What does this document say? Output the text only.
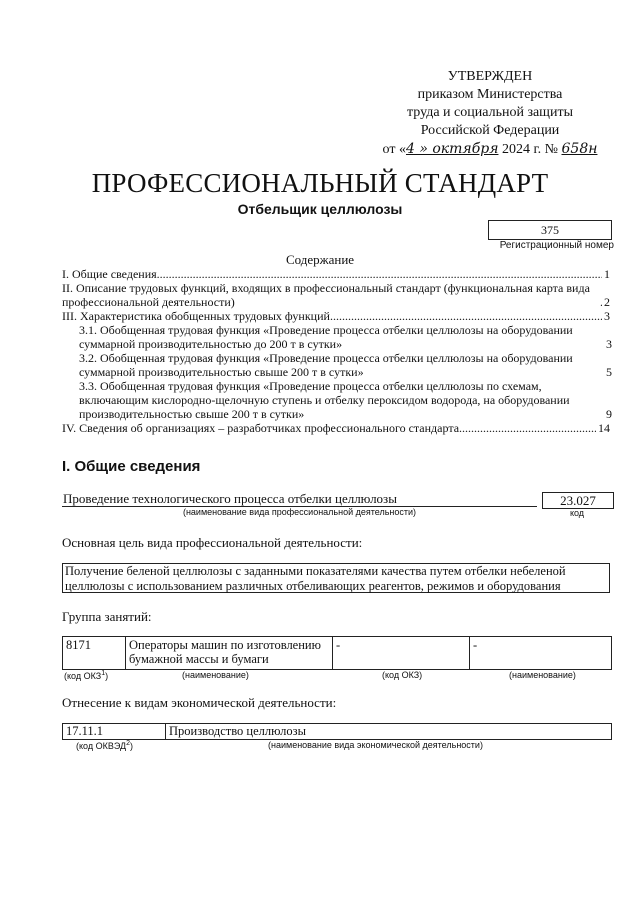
УТВЕРЖДЕН
приказом Министерства
труда и социальной защиты
Российской Федерации
от «4 » октября 2024 г. № 658н
ПРОФЕССИОНАЛЬНЫЙ СТАНДАРТ
Отбельщик целлюлозы
375
Регистрационный номер
Содержание
I. Общие сведения .....	1
II. Описание трудовых функций, входящих в профессиональный стандарт (функциональная карта вида профессиональной деятельности) .....	2
III. Характеристика обобщенных трудовых функций .....	3
3.1. Обобщенная трудовая функция «Проведение процесса отбелки целлюлозы на оборудовании суммарной производительностью до 200 т в сутки»	3
3.2. Обобщенная трудовая функция «Проведение процесса отбелки целлюлозы на оборудовании суммарной производительностью свыше 200 т в сутки»	5
3.3. Обобщенная трудовая функция «Проведение процесса отбелки целлюлозы по схемам, включающим кислородно-щелочную ступень и отбелку пероксидом водорода, на оборудовании производительностью свыше 200 т в сутки»	9
IV. Сведения об организациях – разработчиках профессионального стандарта .....	14
I. Общие сведения
Проведение технологического процесса отбелки целлюлозы
(наименование вида профессиональной деятельности)
23.027
код
Основная цель вида профессиональной деятельности:
Получение беленой целлюлозы с заданными показателями качества путем отбелки небеленой целлюлозы с использованием различных отбеливающих реагентов, режимов и оборудования
Группа занятий:
8171	Операторы машин по изготовлению бумажной массы и бумаги	-	-
(код ОКЗ$^1$)	(наименование)	(код ОКЗ)	(наименование)
Отнесение к видам экономической деятельности:
17.11.1	Производство целлюлозы
(код ОКВЭД$^2$)	(наименование вида экономической деятельности)
